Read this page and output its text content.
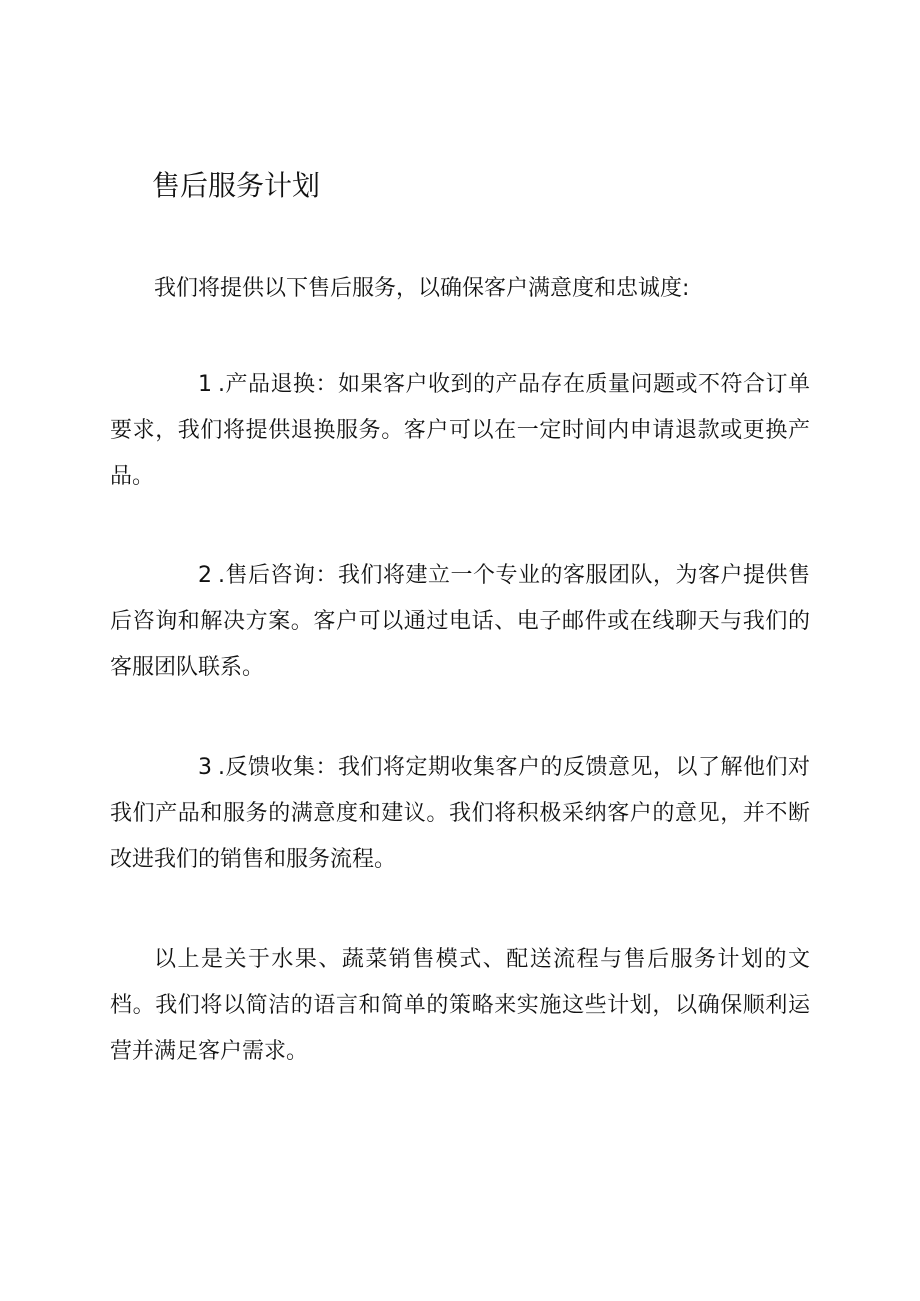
售后服务计划

我们将提供以下售后服务，以确保客户满意度和忠诚度:

1 .产品退换：如果客户收到的产品存在质量问题或不符合订单要求，我们将提供退换服务。客户可以在一定时间内申请退款或更换产品。

2 .售后咨询：我们将建立一个专业的客服团队，为客户提供售后咨询和解决方案。客户可以通过电话、电子邮件或在线聊天与我们的客服团队联系。

3 .反馈收集：我们将定期收集客户的反馈意见，以了解他们对我们产品和服务的满意度和建议。我们将积极采纳客户的意见，并不断改进我们的销售和服务流程。

以上是关于水果、蔬菜销售模式、配送流程与售后服务计划的文档。我们将以简洁的语言和简单的策略来实施这些计划，以确保顺利运营并满足客户需求。
